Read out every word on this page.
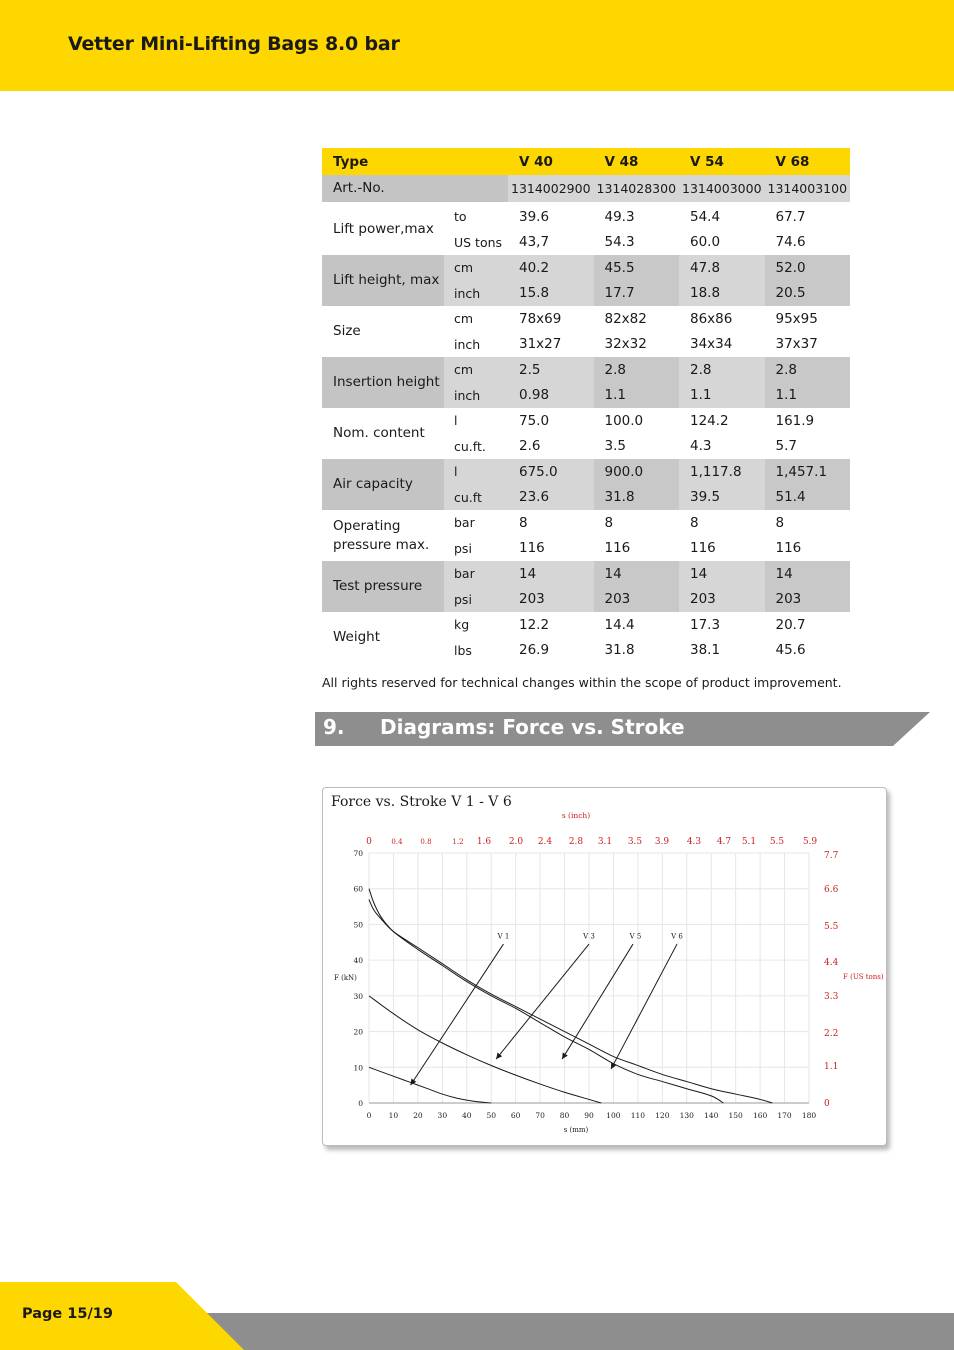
Vetter Mini-Lifting Bags 8.0 bar
Type		V 40	V 48	V 54	V 68
Art.-No.		1314002900	1314028300	1314003000	1314003100

Lift power,max	to	39.6	49.3	54.4	67.7
	US tons	43,7	54.3	60.0	74.6
Lift height, max	cm	40.2	45.5	47.8	52.0
	inch	15.8	17.7	18.8	20.5
Size	cm	78x69	82x82	86x86	95x95
	inch	31x27	32x32	34x34	37x37
Insertion height	cm	2.5	2.8	2.8	2.8
	inch	0.98	1.1	1.1	1.1
Nom. content	l	75.0	100.0	124.2	161.9
	cu.ft.	2.6	3.5	4.3	5.7
Air capacity	l	675.0	900.0	1,117.8	1,457.1
	cu.ft	23.6	31.8	39.5	51.4
Operating
pressure max.	bar	8	8	8	8
	psi	116	116	116	116
Test pressure	bar	14	14	14	14
	psi	203	203	203	203
Weight	kg	12.2	14.4	17.3	20.7
	lbs	26.9	31.8	38.1	45.6
All rights reserved for technical changes within the scope of product improvement.
9. Diagrams: Force vs. Stroke
Force vs. Stroke V 1 - V 6
s (inch)
0	0.4	0.8	1.2 1.6 2.0 2.4 2.8 3.1 3.5 3.9 4.3 4.7 5.1 5.5 5.9
0
10
20
30
40
50
60
70
F (kN)
0
1.1
2.2
3.3
4.4
5.5
6.6
7.7
F (US tons)
0 10 20 30 40 50 60 70 80 90 100 110 120 130 140 150 160 170 180
s (mm)
V 1	V 3	V 5	V 6
Page 15/19
